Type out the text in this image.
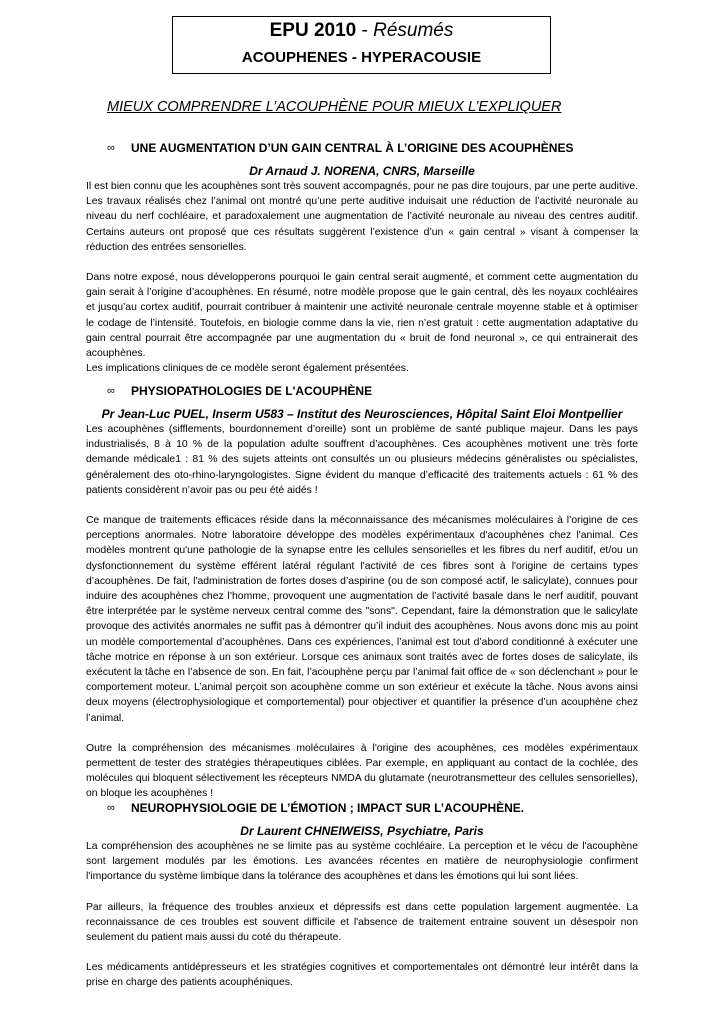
EPU 2010 - Résumés
ACOUPHENES - HYPERACOUSIE
MIEUX COMPRENDRE L’ACOUPHÈNE POUR MIEUX L’EXPLIQUER
∞ UNE AUGMENTATION D’UN GAIN CENTRAL À L’ORIGINE DES ACOUPHÈNES
Dr Arnaud J. NORENA, CNRS, Marseille

Il est bien connu que les acouphènes sont très souvent accompagnés, pour ne pas dire toujours, par une perte auditive. Les travaux réalisés chez l’animal ont montré qu’une perte auditive induisait une réduction de l’activité neuronale au niveau du nerf cochléaire, et paradoxalement une augmentation de l’activité neuronale au niveau des centres auditif. Certains auteurs ont proposé que ces résultats suggèrent l’existence d’un « gain central » visant à compenser la réduction des entrées sensorielles.

Dans notre exposé, nous développerons pourquoi le gain central serait augmenté, et comment cette augmentation du gain serait à l’origine d’acouphènes. En résumé, notre modèle propose que le gain central, dès les noyaux cochléaires et jusqu’au cortex auditif, pourrait contribuer à maintenir une activité neuronale centrale moyenne stable et à optimiser le codage de l’intensité. Toutefois, en biologie comme dans la vie, rien n’est gratuit : cette augmentation adaptative du gain central pourrait être accompagnée par une augmentation du « bruit de fond neuronal », ce qui entrainerait des acouphènes.

Les implications cliniques de ce modèle seront également présentées.

∞ PHYSIOPATHOLOGIES DE L'ACOUPHÈNE
Pr Jean-Luc PUEL, Inserm U583 – Institut des Neurosciences, Hôpital Saint Eloi Montpellier

Les acouphènes (sifflements, bourdonnement d’oreille) sont un problème de santé publique majeur. Dans les pays industrialisés, 8 à 10 % de la population adulte souffrent d’acouphènes. Ces acouphènes motivent une très forte demande médicale1 : 81 % des sujets atteints ont consultés un ou plusieurs médecins généralistes ou spécialistes, généralement des oto-rhino-laryngologistes. Signe évident du manque d’efficacité des traitements actuels : 61 % des patients considèrent n’avoir pas ou peu été aidés !

Ce manque de traitements efficaces réside dans la méconnaissance des mécanismes moléculaires à l’origine de ces perceptions anormales. Notre laboratoire développe des modèles expérimentaux d'acouphènes chez l'animal. Ces modèles montrent qu'une pathologie de la synapse entre les cellules sensorielles et les fibres du nerf auditif, et/ou un dysfonctionnement du système efférent latéral régulant l'activité de ces fibres sont à l'origine de certains types d’acouphènes. De fait, l'administration de fortes doses d’aspirine (ou de son composé actif, le salicylate), connues pour induire des acouphènes chez l’homme, provoquent une augmentation de l’activité basale dans le nerf auditif, pouvant être interprétée par le système nerveux central comme des "sons". Cependant, faire la démonstration que le salicylate provoque des activités anormales ne suffit pas à démontrer qu’il induit des acouphènes. Nous avons donc mis au point un modèle comportemental d’acouphènes. Dans ces expériences, l’animal est tout d’abord conditionné à exécuter une tâche motrice en réponse à un son extérieur. Lorsque ces animaux sont traités avec de fortes doses de salicylate, ils exécutent la tâche en l’absence de son. En fait, l’acouphène perçu par l’animal fait office de « son déclenchant » pour le comportement moteur. L’animal perçoit son acouphène comme un son extérieur et exécute la tâche. Nous avons ainsi deux moyens (électrophysiologique et comportemental) pour objectiver et quantifier la présence d’un acouphène chez l’animal.

Outre la compréhension des mécanismes moléculaires à l'origine des acouphènes, ces modèles expérimentaux permettent de tester des stratégies thérapeutiques ciblées. Par exemple, en appliquant au contact de la cochlée, des molécules qui bloquent sélectivement les récepteurs NMDA du glutamate (neurotransmetteur des cellules sensorielles), on bloque les acouphènes !

∞ NEUROPHYSIOLOGIE DE L’ÉMOTION ; IMPACT SUR L’ACOUPHÈNE.
Dr Laurent CHNEIWEISS, Psychiatre, Paris

La compréhension des acouphènes ne se limite pas au système cochléaire. La perception et le vécu de l'acouphène sont largement modulés par les émotions. Les avancées récentes en matière de neurophysiologie confirment l'importance du système limbique dans la tolérance des acouphènes et dans les émotions qui lui sont liées.

Par ailleurs, la fréquence des troubles anxieux et dépressifs est dans cette population largement augmentée. La reconnaissance de ces troubles est souvent difficile et l'absence de traitement entraine souvent un désespoir non seulement du patient mais aussi du coté du thérapeute.

Les médicaments antidépresseurs et les stratégies cognitives et comportementales ont démontré leur intérêt dans la prise en charge des patients acouphéniques.
